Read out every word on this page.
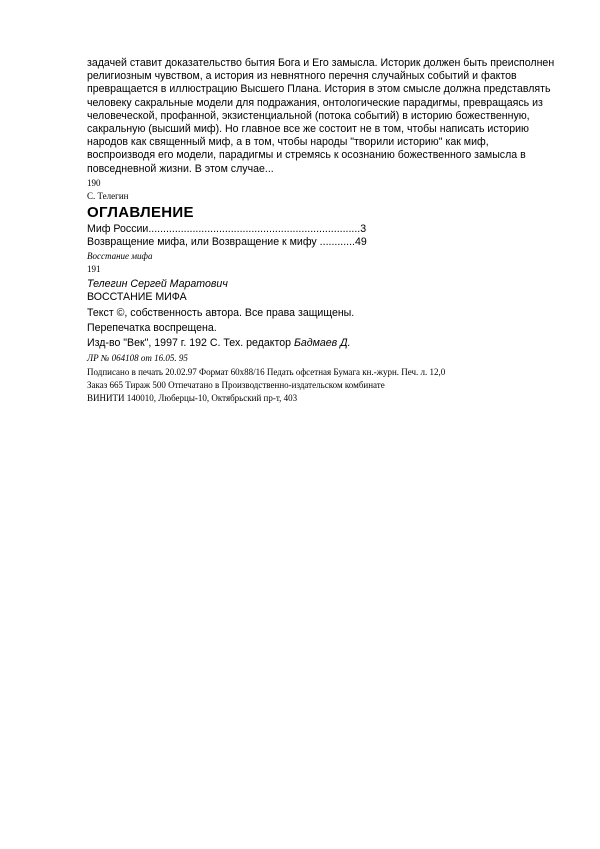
задачей ставит доказательство бытия Бога и Его замысла. Историк должен быть преисполнен
религиозным чувством, а история из невнятного перечня случайных событий и фактов
превращается в иллюстрацию Высшего Плана. История в этом смысле должна представлять
человеку сакральные модели для подражания, онтологические парадигмы, превращаясь из
человеческой, профанной, экзистенциальной (потока событий) в историю божественную,
сакральную (высший миф). Но главное все же состоит не в том, чтобы написать историю
народов как священный миф, а в том, чтобы народы "творили историю" как миф,
воспроизводя его модели, парадигмы и стремясь к осознанию божественного замысла в
повседневной жизни. В этом случае...

190

С. Телегин

ОГЛАВЛЕНИЕ

Миф России........................................................................3

Возвращение мифа, или Возвращение к мифу ............49

Восстание мифа

191

Телегин Сергей Маратович

ВОССТАНИЕ МИФА

Текст ©, собственность автора. Все права защищены.

Перепечатка воспрещена.

Изд-во "Век", 1997 г. 192 С. Тех. редактор Бадмаев Д.

ЛР № 064108 от 16.05. 95

Подписано в печать 20.02.97 Формат 60х88/16 Педать офсетная Бумага кн.-журн. Печ. л. 12,0

Заказ 665 Тираж 500 Отпечатано в Производственно-издательском комбинате

ВИНИТИ 140010, Люберцы-10, Октябрьский пр-т, 403
